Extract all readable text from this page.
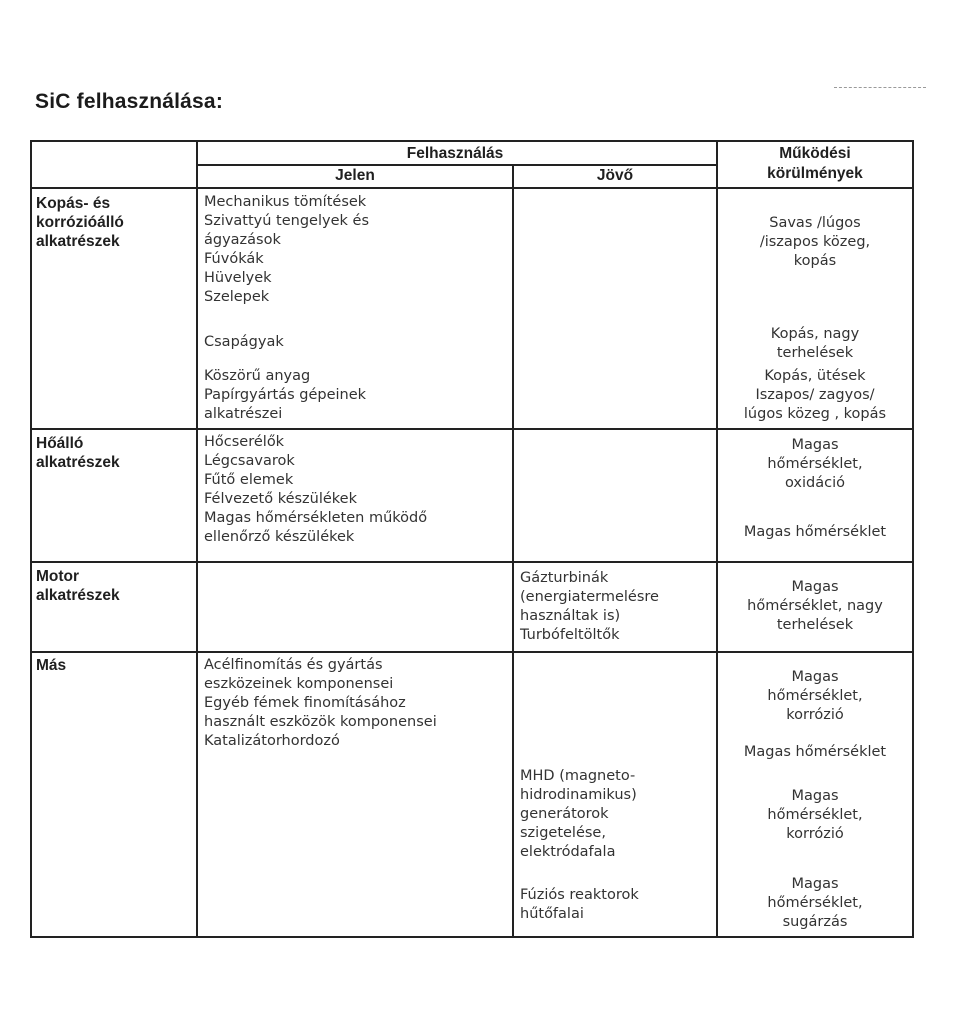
SiC felhasználása:
Felhasználás
Jelen	Jövő
Működési
körülmények
Kopás- és
korrózióálló
alkatrészek
Hőálló
alkatrészek
Motor
alkatrészek
Más
Mechanikus tömítések
Szivattyú tengelyek és
ágyazások
Fúvókák
Hüvelyek
Szelepek
Csapágyak
Köszörű anyag
Papírgyártás gépeinek
alkatrészei
Hőcserélők
Légcsavarok
Fűtő elemek
Félvezető készülékek
Magas hőmérsékleten működő
ellenőrző készülékek
Acélfinomítás és gyártás
eszközeinek komponensei
Egyéb fémek finomításához
használt eszközök komponensei
Katalizátorhordozó
Gázturbinák
(energiatermelésre
használtak is)
Turbófeltöltők
MHD (magneto-
hidrodinamikus)
generátorok
szigetelése,
elektródafala
Fúziós reaktorok
hűtőfalai
Savas /lúgos
/iszapos közeg,
kopás
Kopás, nagy
terhelések
Kopás, ütések
Iszapos/ zagyos/
lúgos közeg , kopás
Magas
hőmérséklet,
oxidáció
Magas hőmérséklet
Magas
hőmérséklet, nagy
terhelések
Magas
hőmérséklet,
korrózió
Magas hőmérséklet
Magas
hőmérséklet,
korrózió
Magas
hőmérséklet,
sugárzás
